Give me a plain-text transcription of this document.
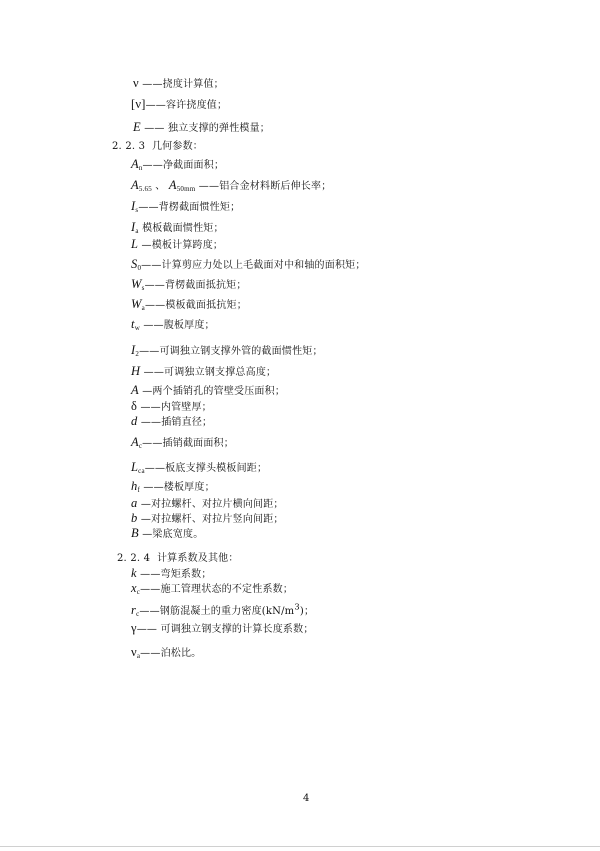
ν ——挠度计算值；
[ν]——容许挠度值；
E —— 独立支撑的弹性模量；
2. 2. 3 几何参数：
$A_n——$净截面面积；
$A_{5.65}$ 、 $A_{50mm}$ ——铝合金材料断后伸长率；
$I_s——$背楞截面惯性矩；
$I_a$ 模板截面惯性矩；
L —模板计算跨度；
$S_0——$计算剪应力处以上毛截面对中和轴的面积矩；
$W_s——$背楞截面抵抗矩；
$W_a——$模板截面抵抗矩；
$t_w$ ——腹板厚度；
$I_2——$可调独立钢支撑外管的截面惯性矩；
H ——可调独立钢支撑总高度；
A —两个插销孔的管壁受压面积；
δ ——内管壁厚；
d ——插销直径；
$A_c——$插销截面面积；
$L_{ca}——$板底支撑头模板间距；
$h_f$ ——楼板厚度；
a —对拉螺杆、对拉片横向间距；
b —对拉螺杆、对拉片竖向间距；
B —梁底宽度。
2. 2. 4 计算系数及其他：
k ——弯矩系数；
$x_c——$施工管理状态的不定性系数；
$r_c——$钢筋混凝土的重力密度$(kN/m^3)$；
γ—— 可调独立钢支撑的计算长度系数；
$\nu_a——$泊松比。
4
